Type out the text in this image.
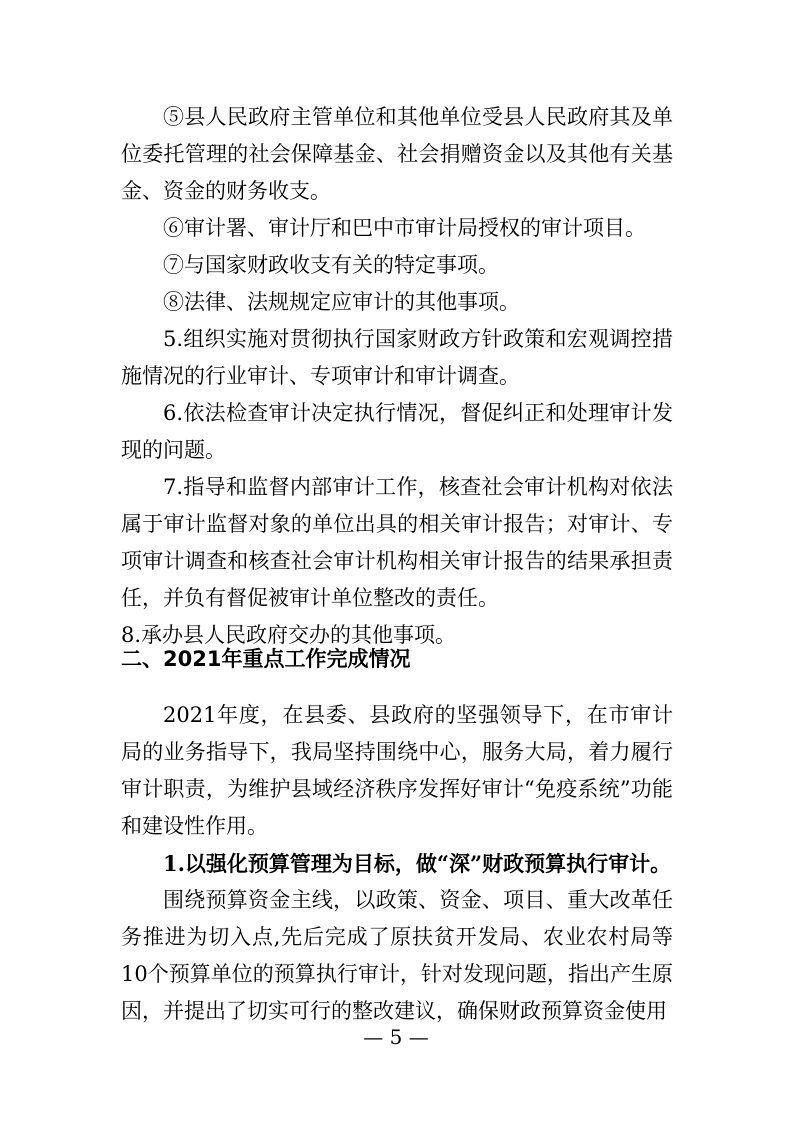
⑤县人民政府主管单位和其他单位受县人民政府其及单位委托管理的社会保障基金、社会捐赠资金以及其他有关基金、资金的财务收支。

⑥审计署、审计厅和巴中市审计局授权的审计项目。

⑦与国家财政收支有关的特定事项。

⑧法律、法规规定应审计的其他事项。

5.组织实施对贯彻执行国家财政方针政策和宏观调控措施情况的行业审计、专项审计和审计调查。

6.依法检查审计决定执行情况，督促纠正和处理审计发现的问题。

7.指导和监督内部审计工作，核查社会审计机构对依法属于审计监督对象的单位出具的相关审计报告；对审计、专项审计调查和核查社会审计机构相关审计报告的结果承担责任，并负有督促被审计单位整改的责任。

8.承办县人民政府交办的其他事项。

二、2021年重点工作完成情况

2021年度，在县委、县政府的坚强领导下，在市审计局的业务指导下，我局坚持围绕中心，服务大局，着力履行审计职责，为维护县域经济秩序发挥好审计“免疫系统”功能和建设性作用。

1.以强化预算管理为目标，做“深”财政预算执行审计。

围绕预算资金主线，以政策、资金、项目、重大改革任务推进为切入点,先后完成了原扶贫开发局、农业农村局等10个预算单位的预算执行审计，针对发现问题，指出产生原因，并提出了切实可行的整改建议，确保财政预算资金使用

— 5 —
